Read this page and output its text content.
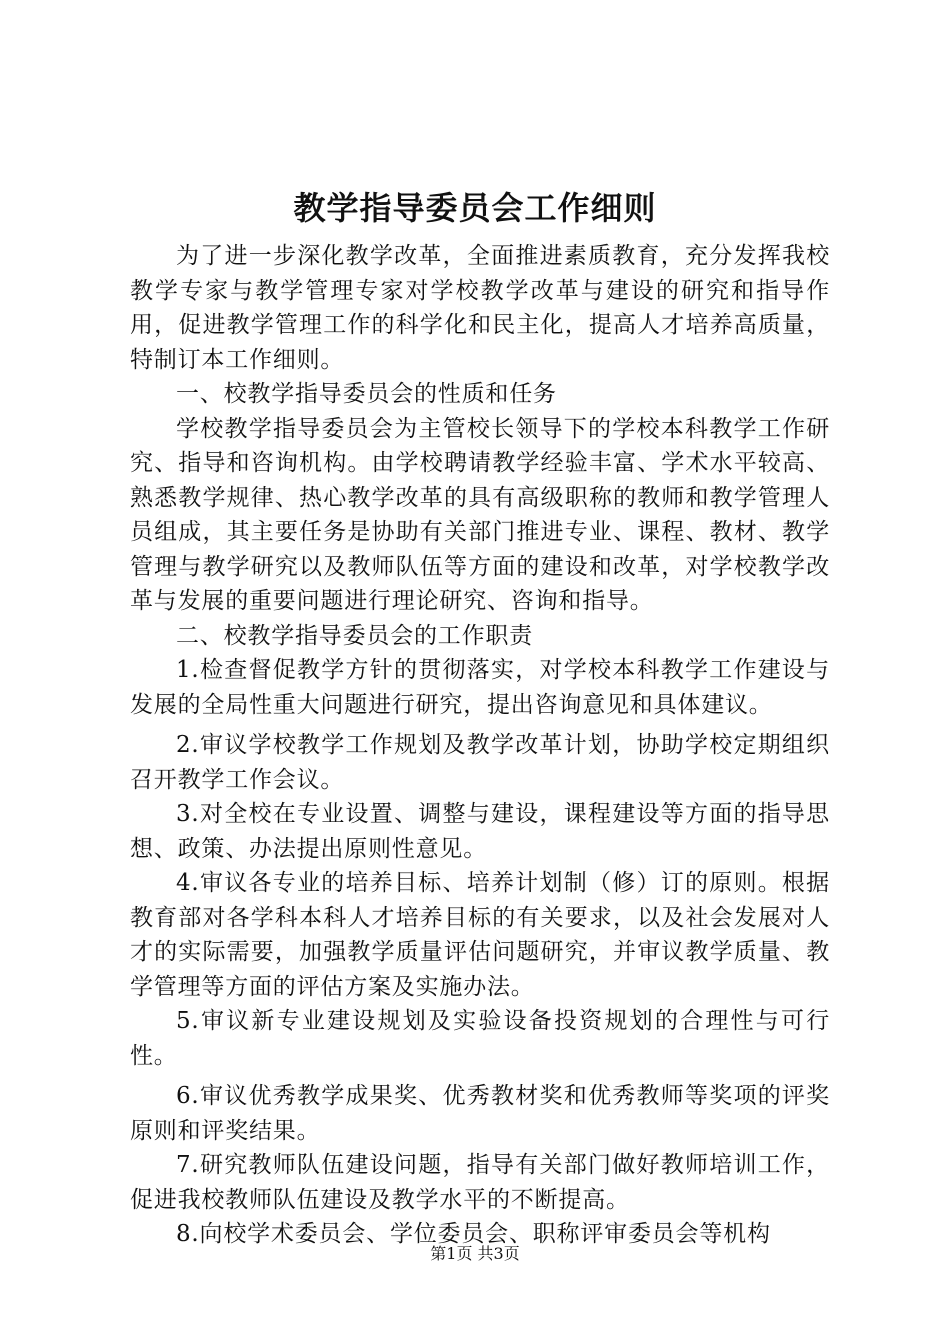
教学指导委员会工作细则

为了进一步深化教学改革，全面推进素质教育，充分发挥我校教学专家与教学管理专家对学校教学改革与建设的研究和指导作用，促进教学管理工作的科学化和民主化，提高人才培养高质量，特制订本工作细则。

一、校教学指导委员会的性质和任务

学校教学指导委员会为主管校长领导下的学校本科教学工作研究、指导和咨询机构。由学校聘请教学经验丰富、学术水平较高、熟悉教学规律、热心教学改革的具有高级职称的教师和教学管理人员组成，其主要任务是协助有关部门推进专业、课程、教材、教学管理与教学研究以及教师队伍等方面的建设和改革，对学校教学改革与发展的重要问题进行理论研究、咨询和指导。

二、校教学指导委员会的工作职责

1.检查督促教学方针的贯彻落实，对学校本科教学工作建设与发展的全局性重大问题进行研究，提出咨询意见和具体建议。

2.审议学校教学工作规划及教学改革计划，协助学校定期组织召开教学工作会议。

3.对全校在专业设置、调整与建设，课程建设等方面的指导思想、政策、办法提出原则性意见。

4.审议各专业的培养目标、培养计划制（修）订的原则。根据教育部对各学科本科人才培养目标的有关要求，以及社会发展对人才的实际需要，加强教学质量评估问题研究，并审议教学质量、教学管理等方面的评估方案及实施办法。

5.审议新专业建设规划及实验设备投资规划的合理性与可行性。

6.审议优秀教学成果奖、优秀教材奖和优秀教师等奖项的评奖原则和评奖结果。

7.研究教师队伍建设问题，指导有关部门做好教师培训工作，促进我校教师队伍建设及教学水平的不断提高。

8.向校学术委员会、学位委员会、职称评审委员会等机构

第1页 共3页
